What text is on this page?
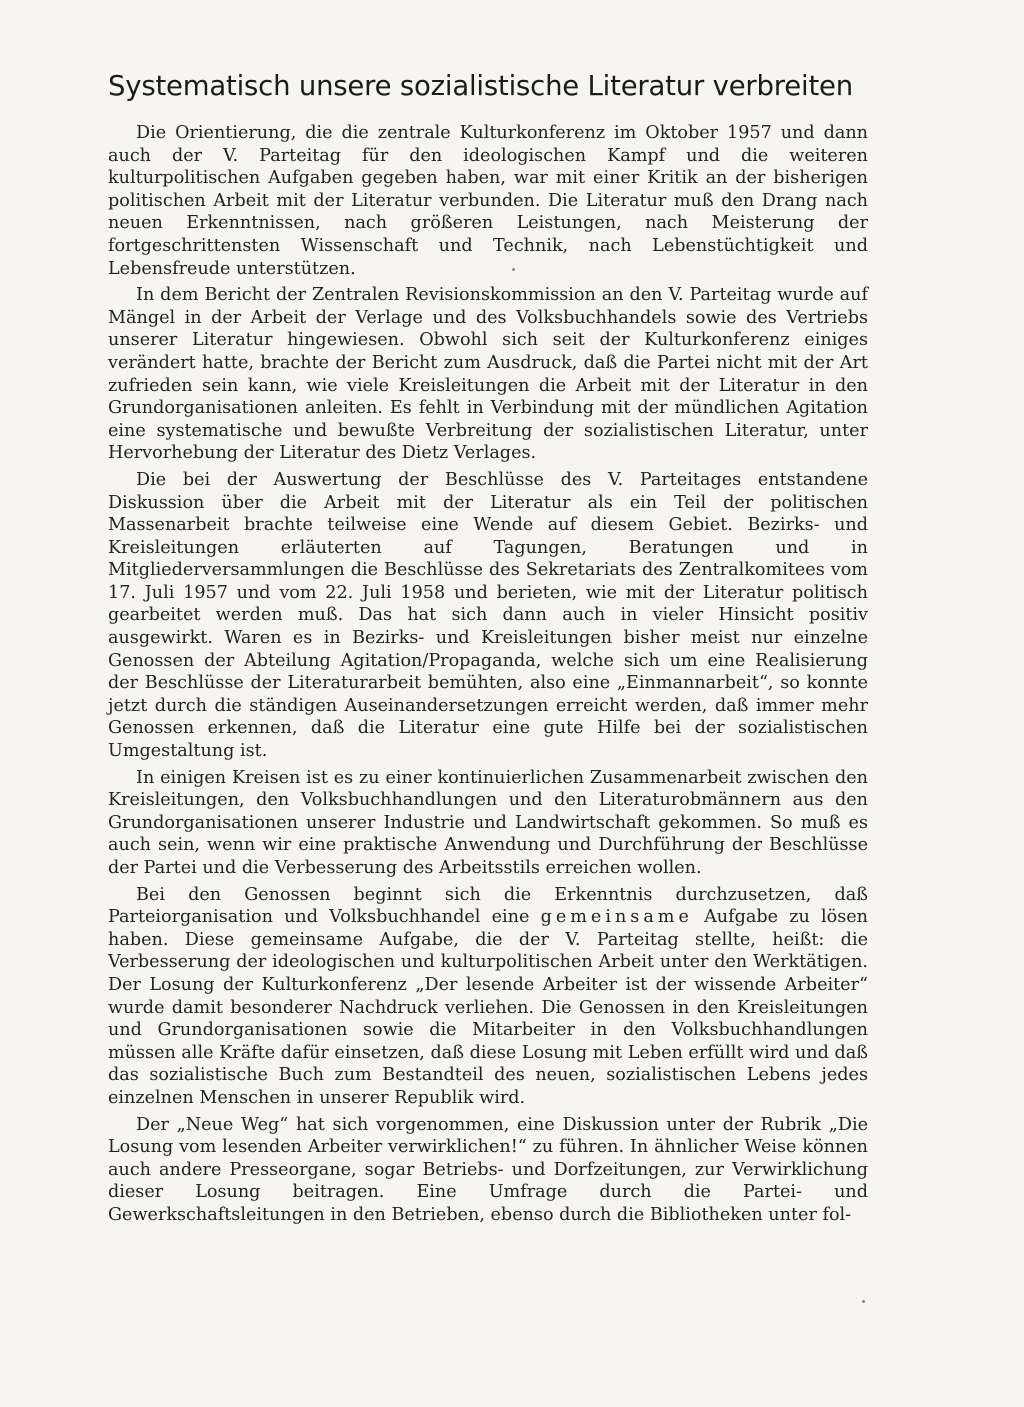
Systematisch unsere sozialistische Literatur verbreiten

Die Orientierung, die die zentrale Kulturkonferenz im Oktober 1957 und dann auch der V. Parteitag für den ideologischen Kampf und die weiteren kulturpolitischen Aufgaben gegeben haben, war mit einer Kritik an der bisherigen politischen Arbeit mit der Literatur verbunden. Die Literatur muß den Drang nach neuen Erkenntnissen, nach größeren Leistungen, nach Meisterung der fortgeschrittensten Wissenschaft und Technik, nach Lebenstüchtigkeit und Lebensfreude unterstützen.

In dem Bericht der Zentralen Revisionskommission an den V. Parteitag wurde auf Mängel in der Arbeit der Verlage und des Volksbuchhandels sowie des Vertriebs unserer Literatur hingewiesen. Obwohl sich seit der Kulturkonferenz einiges verändert hatte, brachte der Bericht zum Ausdruck, daß die Partei nicht mit der Art zufrieden sein kann, wie viele Kreisleitungen die Arbeit mit der Literatur in den Grundorganisationen anleiten. Es fehlt in Verbindung mit der mündlichen Agitation eine systematische und bewußte Verbreitung der sozialistischen Literatur, unter Hervorhebung der Literatur des Dietz Verlages.

Die bei der Auswertung der Beschlüsse des V. Parteitages entstandene Diskussion über die Arbeit mit der Literatur als ein Teil der politischen Massenarbeit brachte teilweise eine Wende auf diesem Gebiet. Bezirks- und Kreisleitungen erläuterten auf Tagungen, Beratungen und in Mitgliederversammlungen die Beschlüsse des Sekretariats des Zentralkomitees vom 17. Juli 1957 und vom 22. Juli 1958 und berieten, wie mit der Literatur politisch gearbeitet werden muß. Das hat sich dann auch in vieler Hinsicht positiv ausgewirkt. Waren es in Bezirks- und Kreisleitungen bisher meist nur einzelne Genossen der Abteilung Agitation/Propaganda, welche sich um eine Realisierung der Beschlüsse der Literaturarbeit bemühten, also eine „Einmannarbeit“, so konnte jetzt durch die ständigen Auseinandersetzungen erreicht werden, daß immer mehr Genossen erkennen, daß die Literatur eine gute Hilfe bei der sozialistischen Umgestaltung ist.

In einigen Kreisen ist es zu einer kontinuierlichen Zusammenarbeit zwischen den Kreisleitungen, den Volksbuchhandlungen und den Literaturobmännern aus den Grundorganisationen unserer Industrie und Landwirtschaft gekommen. So muß es auch sein, wenn wir eine praktische Anwendung und Durchführung der Beschlüsse der Partei und die Verbesserung des Arbeitsstils erreichen wollen.

Bei den Genossen beginnt sich die Erkenntnis durchzusetzen, daß Parteiorganisation und Volksbuchhandel eine gemeinsame Aufgabe zu lösen haben. Diese gemeinsame Aufgabe, die der V. Parteitag stellte, heißt: die Verbesserung der ideologischen und kulturpolitischen Arbeit unter den Werktätigen. Der Losung der Kulturkonferenz „Der lesende Arbeiter ist der wissende Arbeiter“ wurde damit besonderer Nachdruck verliehen. Die Genossen in den Kreisleitungen und Grundorganisationen sowie die Mitarbeiter in den Volksbuchhandlungen müssen alle Kräfte dafür einsetzen, daß diese Losung mit Leben erfüllt wird und daß das sozialistische Buch zum Bestandteil des neuen, sozialistischen Lebens jedes einzelnen Menschen in unserer Republik wird.

Der „Neue Weg“ hat sich vorgenommen, eine Diskussion unter der Rubrik „Die Losung vom lesenden Arbeiter verwirklichen!“ zu führen. In ähnlicher Weise können auch andere Presseorgane, sogar Betriebs- und Dorfzeitungen, zur Verwirklichung dieser Losung beitragen. Eine Umfrage durch die Partei- und Gewerkschaftsleitungen in den Betrieben, ebenso durch die Bibliotheken unter fol-
